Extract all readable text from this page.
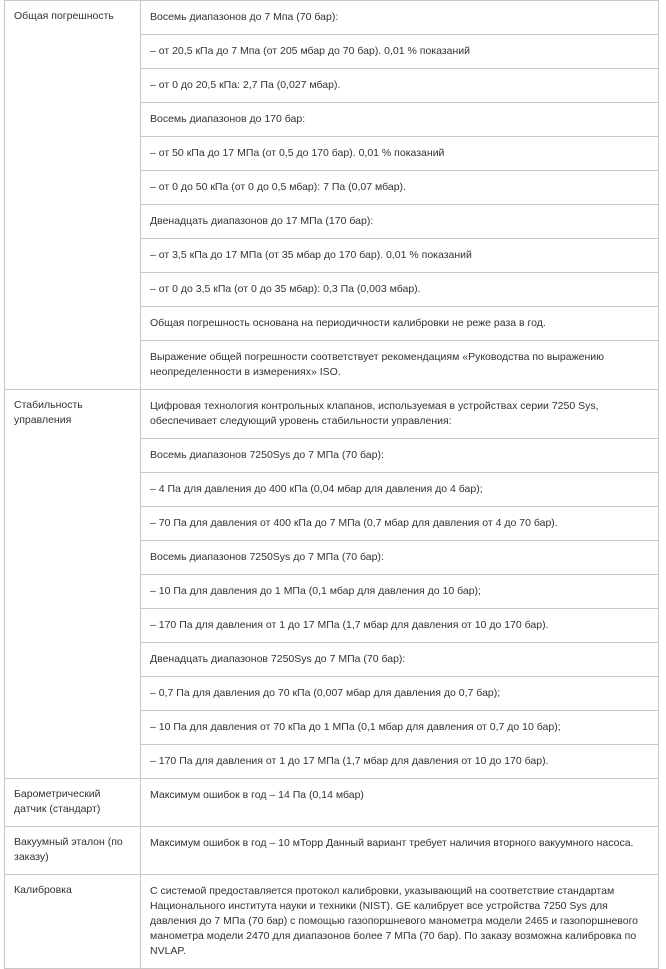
Общая погрешность	Восемь диапазонов до 7 Мпа (70 бар):
	– от 20,5 кПа до 7 Мпа (от 205 мбар до 70 бар). 0,01 % показаний
	– от 0 до 20,5 кПа: 2,7 Па (0,027 мбар).
	Восемь диапазонов до 170 бар:
	– от 50 кПа до 17 МПа (от 0,5 до 170 бар). 0,01 % показаний
	– от 0 до 50 кПа (от 0 до 0,5 мбар): 7 Па (0,07 мбар).
	Двенадцать диапазонов до 17 МПа (170 бар):
	– от 3,5 кПа до 17 МПа (от 35 мбар до 170 бар). 0,01 % показаний
	– от 0 до 3,5 кПа (от 0 до 35 мбар): 0,3 Па (0,003 мбар).
	Общая погрешность основана на периодичности калибровки не реже раза в год.
	Выражение общей погрешности соответствует рекомендациям «Руководства по выражению неопределенности в измерениях» ISO.
Стабильность управления	Цифровая технология контрольных клапанов, используемая в устройствах серии 7250 Sys, обеспечивает следующий уровень стабильности управления:
	Восемь диапазонов 7250Sys до 7 МПа (70 бар):
	– 4 Па для давления до 400 кПа (0,04 мбар для давления до 4 бар);
	– 70 Па для давления от 400 кПа до 7 МПа (0,7 мбар для давления от 4 до 70 бар).
	Восемь диапазонов 7250Sys до 7 МПа (70 бар):
	– 10 Па для давления до 1 МПа (0,1 мбар для давления до 10 бар);
	– 170 Па для давления от 1 до 17 МПа (1,7 мбар для давления от 10 до 170 бар).
	Двенадцать диапазонов 7250Sys до 7 МПа (70 бар):
	– 0,7 Па для давления до 70 кПа (0,007 мбар для давления до 0,7 бар);
	– 10 Па для давления от 70 кПа до 1 МПа (0,1 мбар для давления от 0,7 до 10 бар);
	– 170 Па для давления от 1 до 17 МПа (1,7 мбар для давления от 10 до 170 бар).
Барометрический датчик (стандарт)	Максимум ошибок в год – 14 Па (0,14 мбар)
Вакуумный эталон (по заказу)	Максимум ошибок в год – 10 мТорр Данный вариант требует наличия вторного вакуумного насоса.
Калибровка	С системой предоставляется протокол калибровки, указывающий на соответствие стандартам Национального института науки и техники (NIST). GE калибрует все устройства 7250 Sys для давления до 7 МПа (70 бар) с помощью газопоршневого манометра модели 2465 и газопоршневого манометра модели 2470 для диапазонов более 7 МПа (70 бар). По заказу возможна калибровка по NVLAP.
